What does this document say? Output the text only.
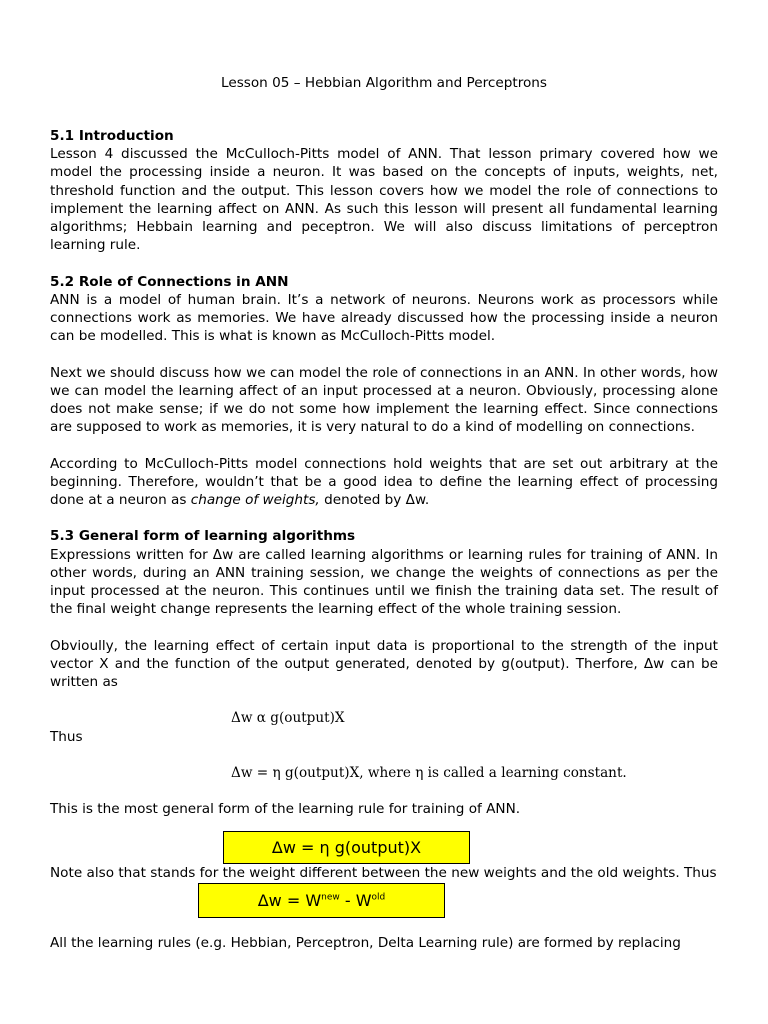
Lesson 05 – Hebbian Algorithm and Perceptrons
5.1 Introduction

Lesson 4 discussed the McCulloch-Pitts model of ANN. That lesson primary covered how we model the processing inside a neuron. It was based on the concepts of inputs, weights, net, threshold function and the output. This lesson covers how we model the role of connections to implement the learning affect on ANN. As such this lesson will present all fundamental learning algorithms; Hebbain learning and peceptron. We will also discuss limitations of perceptron learning rule.

5.2 Role of Connections in ANN

ANN is a model of human brain. It’s a network of neurons. Neurons work as processors while connections work as memories. We have already discussed how the processing inside a neuron can be modelled. This is what is known as McCulloch-Pitts model.

Next we should discuss how we can model the role of connections in an ANN. In other words, how we can model the learning affect of an input processed at a neuron. Obviously, processing alone does not make sense; if we do not some how implement the learning effect. Since connections are supposed to work as memories, it is very natural to do a kind of modelling on connections.

According to McCulloch-Pitts model connections hold weights that are set out arbitrary at the beginning. Therefore, wouldn’t that be a good idea to define the learning effect of processing done at a neuron as change of weights, denoted by Δw.

5.3 General form of learning algorithms

Expressions written for Δw are called learning algorithms or learning rules for training of ANN. In other words, during an ANN training session, we change the weights of connections as per the input processed at the neuron. This continues until we finish the training data set. The result of the final weight change represents the learning effect of the whole training session.

Obvioully, the learning effect of certain input data is proportional to the strength of the input vector X and the function of the output generated, denoted by g(output). Therfore, Δw can be written as

Δw α g(output)X
Thus
Δw = η g(output)X, where η is called a learning constant.

This is the most general form of the learning rule for training of ANN.

Δw = η g(output)X

Note also that stands for the weight different between the new weights and the old weights. Thus

$\Delta w = W^{new} - W^{old}$

All the learning rules (e.g. Hebbian, Perceptron, Delta Learning rule) are formed by replacing
